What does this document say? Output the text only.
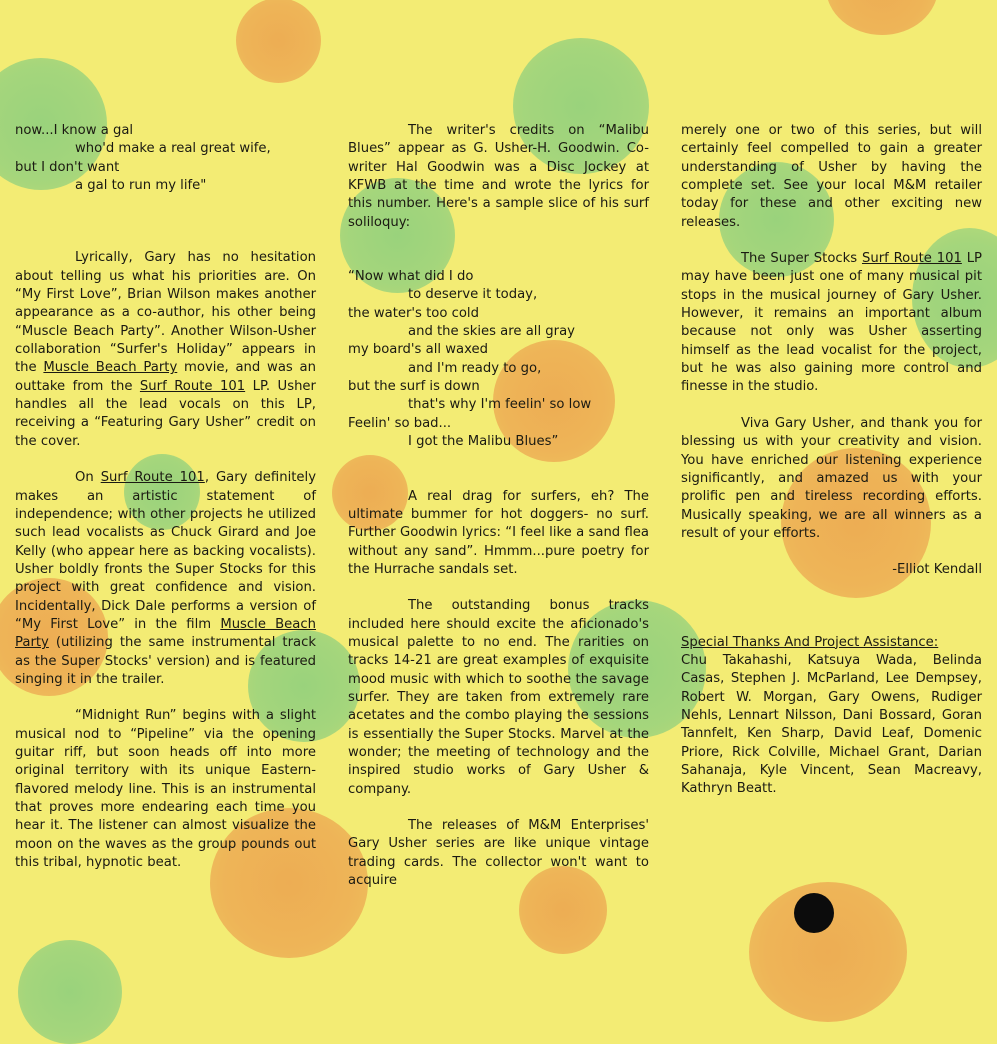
now...I know a gal
who'd make a real great wife,
but I don't want
a gal to run my life"

Lyrically, Gary has no hesitation about telling us what his priorities are. On “My First Love”, Brian Wilson makes another appearance as a co-author, his other being “Muscle Beach Party”. Another Wilson-Usher collaboration “Surfer's Holiday” appears in the Muscle Beach Party movie, and was an outtake from the Surf Route 101 LP. Usher handles all the lead vocals on this LP, receiving a “Featuring Gary Usher” credit on the cover.

On Surf Route 101, Gary definitely makes an artistic statement of independence; with other projects he utilized such lead vocalists as Chuck Girard and Joe Kelly (who appear here as backing vocalists). Usher boldly fronts the Super Stocks for this project with great confidence and vision. Incidentally, Dick Dale performs a version of “My First Love” in the film Muscle Beach Party (utilizing the same instrumental track as the Super Stocks' version) and is featured singing it in the trailer.

“Midnight Run” begins with a slight musical nod to “Pipeline” via the opening guitar riff, but soon heads off into more original territory with its unique Eastern-flavored melody line. This is an instrumental that proves more endearing each time you hear it. The listener can almost visualize the moon on the waves as the group pounds out this tribal, hypnotic beat.

The writer's credits on “Malibu Blues” appear as G. Usher-H. Goodwin. Co-writer Hal Goodwin was a Disc Jockey at KFWB at the time and wrote the lyrics for this number. Here's a sample slice of his surf soliloquy:

“Now what did I do
to deserve it today,
the water's too cold
and the skies are all gray
my board's all waxed
and I'm ready to go,
but the surf is down
that's why I'm feelin' so low
Feelin' so bad...
I got the Malibu Blues”

A real drag for surfers, eh? The ultimate bummer for hot doggers- no surf. Further Goodwin lyrics: “I feel like a sand flea without any sand”. Hmmm...pure poetry for the Hurrache sandals set.

The outstanding bonus tracks included here should excite the aficionado's musical palette to no end. The rarities on tracks 14-21 are great examples of exquisite mood music with which to soothe the savage surfer. They are taken from extremely rare acetates and the combo playing the sessions is essentially the Super Stocks. Marvel at the wonder; the meeting of technology and the inspired studio works of Gary Usher & company.

The releases of M&M Enterprises' Gary Usher series are like unique vintage trading cards. The collector won't want to acquire

merely one or two of this series, but will certainly feel compelled to gain a greater understanding of Usher by having the complete set. See your local M&M retailer today for these and other exciting new releases.

The Super Stocks Surf Route 101 LP may have been just one of many musical pit stops in the musical journey of Gary Usher. However, it remains an important album because not only was Usher asserting himself as the lead vocalist for the project, but he was also gaining more control and finesse in the studio.

Viva Gary Usher, and thank you for blessing us with your creativity and vision. You have enriched our listening experience significantly, and amazed us with your prolific pen and tireless recording efforts. Musically speaking, we are all winners as a result of your efforts.

-Elliot Kendall

Special Thanks And Project Assistance:

Chu Takahashi, Katsuya Wada, Belinda Casas, Stephen J. McParland, Lee Dempsey, Robert W. Morgan, Gary Owens, Rudiger Nehls, Lennart Nilsson, Dani Bossard, Goran Tannfelt, Ken Sharp, David Leaf, Domenic Priore, Rick Colville, Michael Grant, Darian Sahanaja, Kyle Vincent, Sean Macreavy, Kathryn Beatt.
